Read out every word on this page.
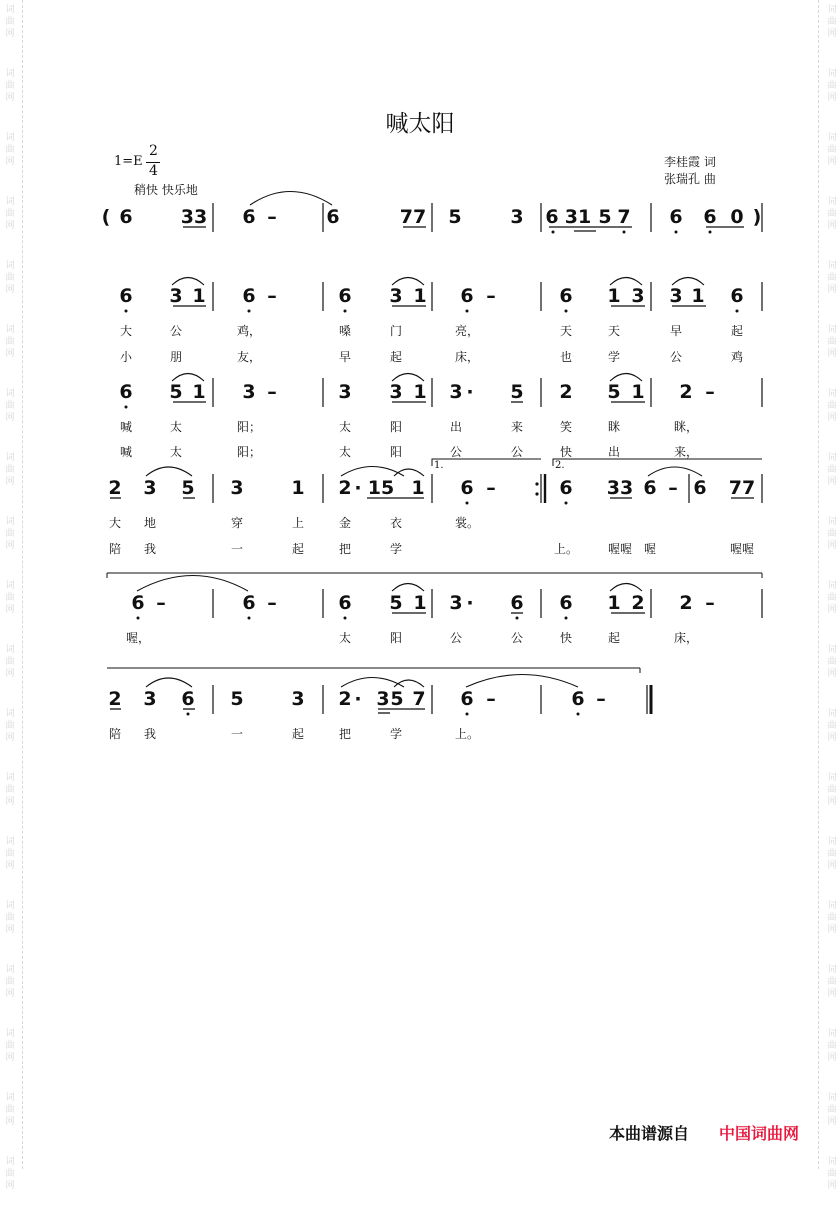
词
曲
网
词
曲
网
词
曲
网
词
曲
网
词
曲
网
词
曲
网
词
曲
网
词
曲
网
词
曲
网
词
曲
网
词
曲
网
词
曲
网
词
曲
网
词
曲
网
词
曲
网
词
曲
网
词
曲
网
词
曲
网
词
曲
网
词
曲
网
词
曲
网
词
曲
网
词
曲
网
词
曲
网
词
曲
网
词
曲
网
词
曲
网
词
曲
网
词
曲
网
词
曲
网
词
曲
网
词
曲
网
词
曲
网
词
曲
网
词
曲
网
词
曲
网
词
曲
网
词
曲
网
喊太阳
1=E
2
4
稍快 快乐地
李桂霞 词
张瑞孔 曲
( 6	33 6 –	6	77 5	3 6 31 5 7 6 6 0 )
6 3 1 6 –	6 3 1 6 –	6 1 3 3 1 6
6 5 1 3 –	3 3 1 3 · 5 2 5 1 2 –
2 3 5 3	1 2 · 15 1 6 –	6 33 6 – 6 77
6 –	6 –	6 5 1 3 · 6 6 1 2 2 –
2 3 6 5	3 2 · 3 5 7 6 –	6 –
大	公	鸡，	嗓	门	亮，	天	天	早	起
小	朋	友，	早	起	床，	也	学	公	鸡
喊	太	阳；	太	阳	出	来	笑	眯	眯，
喊	太	阳；	太	阳	公	公	快	出	来，
大 地	穿	上	金	衣	裳。
陪 我	一	起	把	学	上。 喔喔 喔	喔喔
喔，	太	阳	公	公	快	起	床，
陪 我	一	起	把	学	上。
1.	2.
本曲谱源自 中国词曲网
